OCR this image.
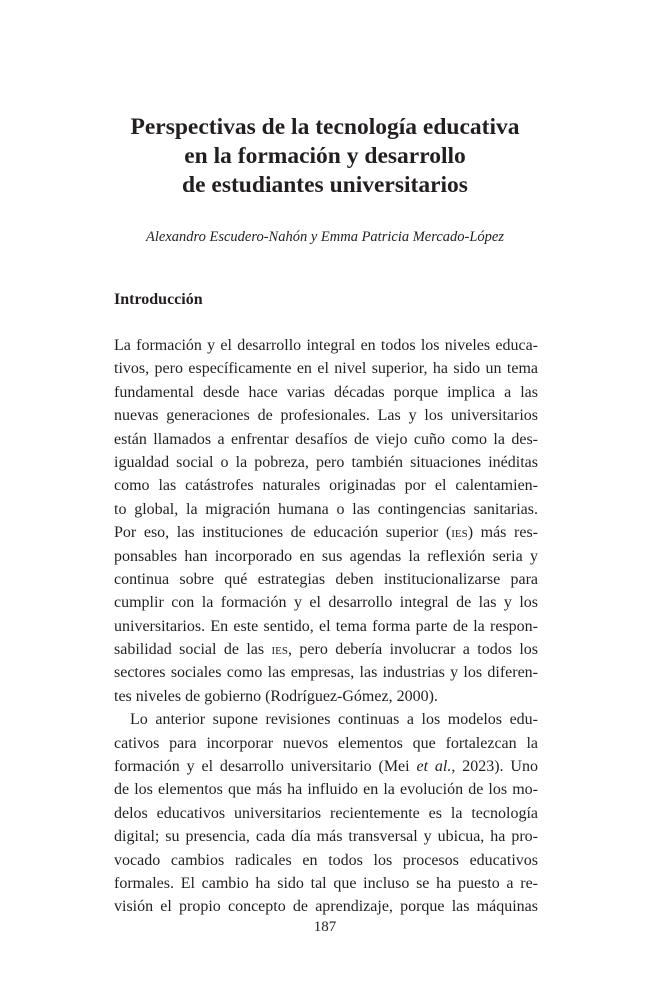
Perspectivas de la tecnología educativa
en la formación y desarrollo
de estudiantes universitarios
Alexandro Escudero-Nahón y Emma Patricia Mercado-López
Introducción
La formación y el desarrollo integral en todos los niveles educa-
tivos, pero específicamente en el nivel superior, ha sido un tema
fundamental desde hace varias décadas porque implica a las
nuevas generaciones de profesionales. Las y los universitarios
están llamados a enfrentar desafíos de viejo cuño como la des-
igualdad social o la pobreza, pero también situaciones inéditas
como las catástrofes naturales originadas por el calentamien-
to global, la migración humana o las contingencias sanitarias.
Por eso, las instituciones de educación superior (ies) más res-
ponsables han incorporado en sus agendas la reflexión seria y
continua sobre qué estrategias deben institucionalizarse para
cumplir con la formación y el desarrollo integral de las y los
universitarios. En este sentido, el tema forma parte de la respon-
sabilidad social de las ies, pero debería involucrar a todos los
sectores sociales como las empresas, las industrias y los diferen-
tes niveles de gobierno (Rodríguez-Gómez, 2000).
Lo anterior supone revisiones continuas a los modelos edu-
cativos para incorporar nuevos elementos que fortalezcan la
formación y el desarrollo universitario (Mei et al., 2023). Uno
de los elementos que más ha influido en la evolución de los mo-
delos educativos universitarios recientemente es la tecnología
digital; su presencia, cada día más transversal y ubicua, ha pro-
vocado cambios radicales en todos los procesos educativos
formales. El cambio ha sido tal que incluso se ha puesto a re-
visión el propio concepto de aprendizaje, porque las máquinas
187
